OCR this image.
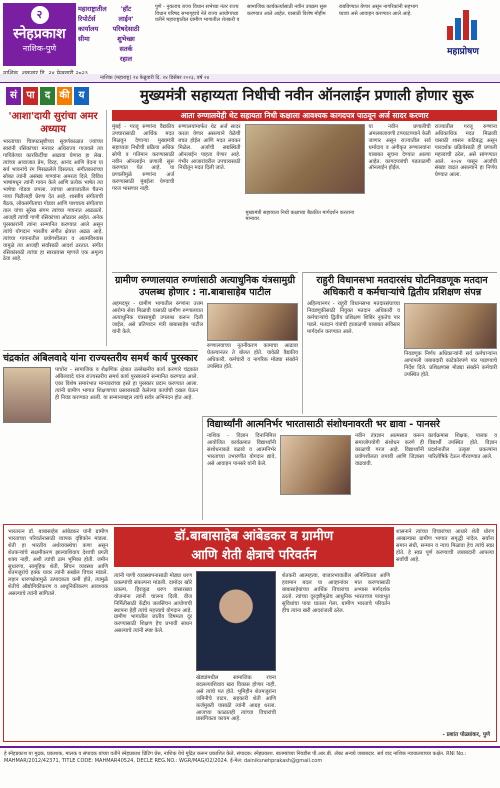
२
स्नेहप्रकाश
नाशिक-पुणे
'हॉट
लाईन'
परिषदेसाठी
शुभेच्छा
सतर्क
रहाल
महाराष्ट्रातील
रिपोर्टर्स
कार्यालय
सीमा
पुणे - नुकताच राज्य विधान सभेच्या नंतर राज्य विधान परिषद सभागृहाचे नेते राज्य आयोगाच्या वतीने महाराष्ट्रातील ग्रामीण भागातील शेतकरी व सामाजिक कार्यकर्त्यांसाठी नवीन उपक्रम सुरू करण्यात आले आहेत. यासाठी विशेष मोहीम राबविण्यात येणार असून नागरिकांनी सहभाग घ्यावा असे आवाहन करण्यात आले आहे.
महाप्रोषण
नाशिक (महाराष्ट्र) २४ फेब्रुवारी दि. २४ डिसेंबर २०२३, वर्ष २४
सं पा	द की य	मुख्यमंत्री सहाय्यता निधीची नवीन ऑनलाईन प्रणाली होणार सुरू
'आशा'दायी सुरांचा अमर अध्याय
भारताच्या चित्रपटसृष्टीच्या सुवर्णकाळात ज्यांच्या स्वरांनी रसिकांच्या मनावर अधिराज्य गाजवले त्या गायिकेच्या कारकिर्दीचा आढावा घेणारा हा लेख. त्यांच्या आवाजात प्रेम, विरह, आनंद आणि वेदना या सर्व भावनांचे रंग मिसळलेले दिसतात. संगीतकारांच्या सोबत त्यांनी असंख्य गाण्यांना अमरत्व दिले. विविध भाषांमधून त्यांनी गायन केले आणि प्रत्येक भाषेत त्या भाषेचा गोडवा जपला. त्यांच्या आवाजातील चैतन्य नव्या पिढीलाही प्रेरणा देत आहे. शास्त्रीय संगीताची बैठक, लोकसंगीताचा गोडवा आणि पाश्चात्य संगीताचा ताल यांचा सुरेख संगम त्यांच्या गायनात आढळतो. आजही त्यांची गाणी रसिकांच्या ओठावर आहेत. अनेक पुरस्कारांनी त्यांना सन्मानित करण्यात आले असून त्यांचे योगदान भारतीय संगीत क्षेत्रात अढळ आहे. त्यांच्या गायनातील प्रयोगशीलता व आत्मविश्वास यामुळे त्या आजही सर्वांसाठी आदर्श ठरतात. संगीत रसिकांसाठी त्यांचा हा स्वरप्रवास म्हणजे एक अमूल्य ठेवा आहे.
आता रुग्णालयेही थेट सहायता निधी कक्षाला आवश्यक कागदपत्र पाठवून अर्ज सादर करणार
मुंबई - गरजू रुग्णांना वैद्यकीय उपचारासाठी आर्थिक मदत मिळवून देणाऱ्या मुख्यमंत्री सहाय्यता निधीची प्रक्रिया अधिक सोपी व गतिमान करण्यासाठी नवीन ऑनलाईन प्रणाली सुरू करण्यात येत आहे. या प्रणालीमुळे रुग्णांना अर्ज करण्यासाठी मुंबईला येण्याची गरज भासणार नाही.
रुग्णालयांमार्फत थेट अर्ज सादर करता येणार असल्याने वेळेची बचत होईल आणि मदत लवकर मिळेल. अर्जाची सद्यस्थिती ऑनलाईन पाहता येणार आहे. गंभीर आजारांवरील उपचारासाठी निधीतून मदत दिली जाते.
मुख्यमंत्री सहाय्यता निधी कक्षाच्या बैठकीत मार्गदर्शन करताना मान्यवर.
या नवीन प्रणालीची अंमलबजावणी टप्प्याटप्प्याने केली जाणार असून राज्यातील सर्व धर्मादाय व अंगीकृत रुग्णालयांना याबाबत सूचना देण्यात आल्या आहेत. कागदपत्रांची पडताळणी ऑनलाईन होईल.
राज्यातील गरजू रुग्णांना अधिकाधिक मदत मिळावी यासाठी शासन कटिबद्ध असून पारदर्शक प्रक्रियेसाठी ही प्रणाली महत्त्वाची ठरेल, असे सांगण्यात आले. २०२४ पासून अर्जांची संख्या वाढत असल्याने हा निर्णय घेण्यात आला.
ग्रामीण रुग्णालयात रुग्णांसाठी अत्याधुनिक यंत्रसामुग्री उपलब्ध होणार : ना.बाबासाहेब पाटील
अहमदपूर - ग्रामीण भागातील रुग्णांना उत्तम आरोग्य सेवा मिळावी यासाठी ग्रामीण रुग्णालयात अत्याधुनिक यंत्रसामुग्री उपलब्ध करून दिली जाईल, असे प्रतिपादन मंत्री बाबासाहेब पाटील यांनी केले.
रुग्णालयाच्या नूतनीकरण कामाचा आढावा घेतल्यानंतर ते बोलत होते. यावेळी वैद्यकीय अधिकारी, कर्मचारी व नागरिक मोठ्या संख्येने उपस्थित होते.
राहुरी विधानसभा मतदारसंघ घोटनिवडणूक मतदान अधिकारी व कर्मचाऱ्यांचे द्वितीय प्रशिक्षण संपन्न
अहिल्यानगर - राहुरी विधानसभा मतदारसंघाच्या निवडणुकीसाठी नियुक्त मतदान अधिकारी व कर्मचाऱ्यांचे द्वितीय प्रशिक्षण शिबिर नुकतेच पार पडले. मतदान यंत्रांची हाताळणी याबाबत सविस्तर मार्गदर्शन करण्यात आले.
निवडणूक निर्णय अधिकाऱ्यांनी सर्व कर्मचाऱ्यांना आपापली जबाबदारी काटेकोरपणे पार पाडण्याचे निर्देश दिले. प्रशिक्षणास मोठ्या संख्येने कर्मचारी उपस्थित होते.
चंद्रकांत अंबिलवादे यांना राज्यस्तरीय समर्थ कार्य पुरस्कार
पाचोरा - सामाजिक व शैक्षणिक क्षेत्रात उल्लेखनीय कार्य करणारे चंद्रकांत अंबिलवादे यांना राज्यस्तरीय समर्थ कार्य पुरस्काराने सन्मानित करण्यात आले. एका विशेष समारंभात मान्यवरांच्या हस्ते हा पुरस्कार प्रदान करण्यात आला. त्यांनी ग्रामीण भागात शिक्षणाच्या प्रसारासाठी केलेल्या कार्याची दखल घेऊन ही निवड करण्यात आली. या सन्मानाबद्दल त्यांचे सर्वत्र अभिनंदन होत आहे.
विद्यार्थ्यांनी आत्मनिर्भर भारतासाठी संशोधनावरती भर द्यावा - पानसरे
नाशिक - विज्ञान दिनानिमित्त आयोजित कार्यक्रमात विद्यार्थ्यांनी संशोधनाकडे वळावे व आत्मनिर्भर भारताच्या उभारणीत योगदान द्यावे, असे आवाहन पानसरे यांनी केले.
नवीन तंत्रज्ञान आत्मसात करून समाजोपयोगी संशोधन करणे ही काळाची गरज आहे. विद्यार्थ्यांनी प्रयोगशीलता जपावी आणि जिज्ञासा वाढवावी.
कार्यक्रमास शिक्षक, पालक व विद्यार्थी उपस्थित होते. विज्ञान प्रदर्शनातील उत्कृष्ट प्रकल्पांना पारितोषिके देऊन गौरवण्यात आले.
भारतरत्न डॉ. बाबासाहेब आंबेडकर यांनी ग्रामीण भारताच्या परिवर्तनासाठी व्यापक दृष्टिकोन मांडला. शेती हा भारतीय अर्थव्यवस्थेचा कणा असून शेतकऱ्यांचे सक्षमीकरण झाल्याशिवाय देशाची प्रगती शक्य नाही, अशी त्यांची ठाम भूमिका होती. जमीन सुधारणा, सामूहिक शेती, सिंचन व्यवस्था आणि शेतमजुरांचे हक्क यावर त्यांनी सखोल विचार मांडले. लहान धारणक्षेत्रामुळे उत्पादकता कमी होते, त्यामुळे शेतीचे औद्योगिकीकरण व आधुनिकीकरण आवश्यक असल्याचे त्यांनी सांगितले.
डॉ.बाबासाहेब आंबेडकर व ग्रामीण
आणि शेती क्षेत्राचे परिवर्तन
त्यांनी पाणी व्यवस्थापनासाठी मोठ्या धरण प्रकल्पांची संकल्पना मांडली. दामोदर खोरे प्रकल्प, हिराकुड धरण यांसारख्या योजनांना त्यांनी चालना दिली. वीज निर्मितीसाठी केंद्रीय जलसिंचन आयोगाची स्थापना हेही त्यांचे महत्त्वाचे योगदान आहे. ग्रामीण भागातील जातीय विषमता दूर करण्यासाठी शिक्षण हेच प्रभावी साधन असल्याचे त्यांनी स्पष्ट केले.
खेड्यांमधील सामाजिक रचना बदलल्याशिवाय खरा विकास होणार नाही, असे त्यांचे मत होते. भूमिहीन शेतमजुरांना जमिनीचे वाटप, सहकारी शेती आणि कर्जमुक्ती यासाठी त्यांनी आग्रह धरला. आजच्या काळातही त्यांच्या विचारांची प्रासंगिकता कायम आहे.
शेतकरी आत्महत्या, बाजारभावातील अनिश्चितता आणि हवामान बदल या आव्हानांवर मात करण्यासाठी बाबासाहेबांच्या आर्थिक विचारांचा अभ्यास मार्गदर्शक ठरतो. त्यांच्या दूरदृष्टीमुळेच आधुनिक भारताच्या पायाभूत सुविधांचा पाया घातला गेला. ग्रामीण भारताचे परिवर्तन हीच त्यांना खरी आदरांजली ठरेल.
शासनाने त्यांच्या विचारांच्या आधारे शेती धोरण आखल्यास ग्रामीण भागात समृद्धी नांदेल. सर्वांना समान संधी, सन्मान व न्याय मिळावा हेच त्यांचे स्वप्न होते. हे स्वप्न पूर्ण करण्याची जबाबदारी आपल्या सर्वांची आहे.
- प्रशांत पोळ्यांकर, पुणे
हे स्नेहप्रकाश या मुद्रक, प्रकाशक, मालक व संपादक यांच्या वतीने स्नेहप्रकाश प्रिंटिंग प्रेस, नाशिक येथे मुद्रित करून प्रकाशित केले. संपादक: स्नेहप्रकाश. बातम्यांच्या निवडीस पी.आर.बी. अ‍ॅक्ट अन्वये जबाबदार. सर्व वाद नाशिक न्यायालयाच्या कक्षेत. RNI No.: MAHMAR/2012/42371, TITLE CODE: MAHMAR40524, DECLE REG.NO.: WGR/MAG/02/2024. ई-मेल: dainiksnehprakash@gmail.com
